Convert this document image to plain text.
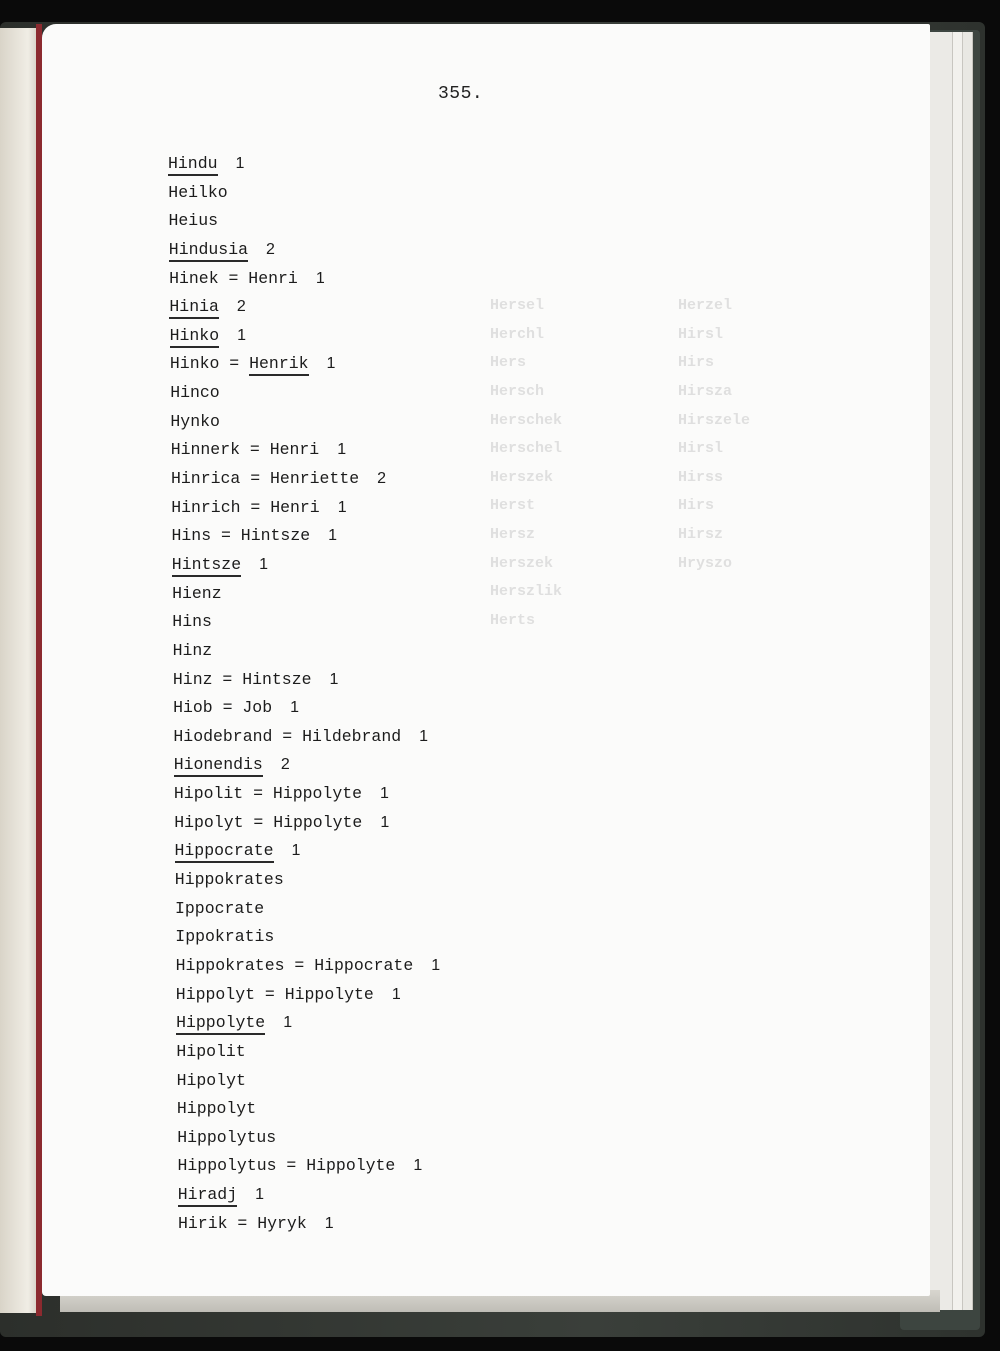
355.
Hersel
Herchl
Hers
Hersch
Herschek
Herschel
Herszek
Herst
Hersz
Herszek
Herszlik
Herts
Herzel
Hirsl
Hirs
Hirsza
Hirszele
Hirsl
Hirss
Hirs
Hirsz
Hryszo
Hindu 1
Heilko
Heius
Hindusia 2
Hinek = Henri 1
Hinia 2
Hinko 1
Hinko = Henrik 1
Hinco
Hynko
Hinnerk = Henri 1
Hinrica = Henriette 2
Hinrich = Henri 1
Hins = Hintsze 1
Hintsze 1
Hienz
Hins
Hinz
Hinz = Hintsze 1
Hiob = Job 1
Hiodebrand = Hildebrand 1
Hionendis 2
Hipolit = Hippolyte 1
Hipolyt = Hippolyte 1
Hippocrate 1
Hippokrates
Ippocrate
Ippokratis
Hippokrates = Hippocrate 1
Hippolyt = Hippolyte 1
Hippolyte 1
Hipolit
Hipolyt
Hippolyt
Hippolytus
Hippolytus = Hippolyte 1
Hiradj 1
Hirik = Hyryk 1
